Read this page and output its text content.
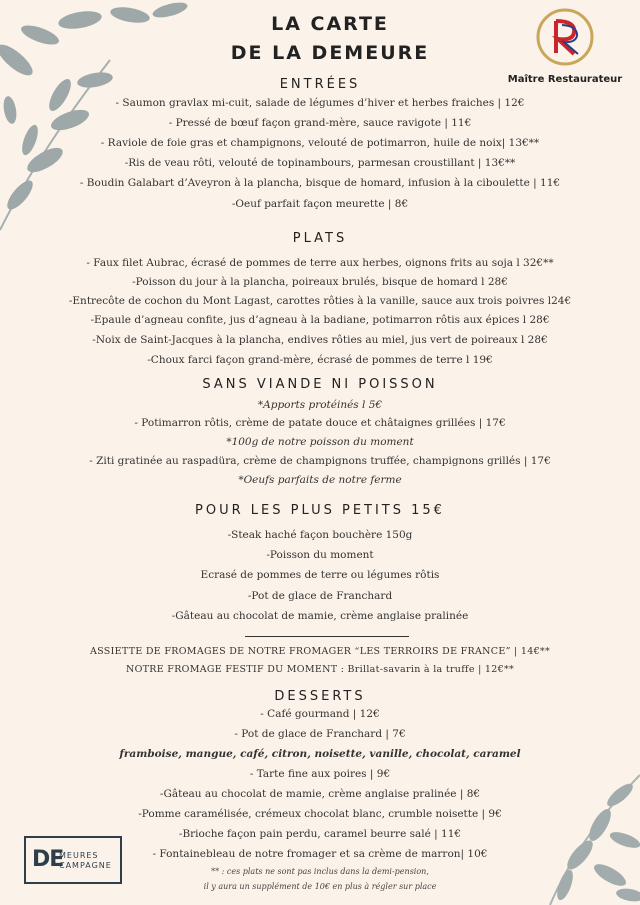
Maître Restaurateur
LA CARTE
DE LA DEMEURE
ENTRÉES
- Saumon gravlax mi-cuit, salade de légumes d’hiver et herbes fraiches | 12€
- Pressé de bœuf façon grand-mère, sauce ravigote | 11€
- Raviole de foie gras et champignons, velouté de potimarron, huile de noix| 13€**
-Ris de veau rôti, velouté de topinambours, parmesan croustillant | 13€**
- Boudin Galabart d’Aveyron à la plancha, bisque de homard, infusion à la ciboulette | 11€
-Oeuf parfait façon meurette | 8€
PLATS
- Faux filet Aubrac, écrasé de pommes de terre aux herbes, oignons frits au soja l 32€**
-Poisson du jour à la plancha, poireaux brulés, bisque de homard l 28€
-Entrecôte de cochon du Mont Lagast, carottes rôties à la vanille, sauce aux trois poivres l24€
-Epaule d’agneau confite, jus d’agneau à la badiane, potimarron rôtis aux épices l 28€
-Noix de Saint-Jacques à la plancha, endives rôties au miel, jus vert de poireaux l 28€
-Choux farci façon grand-mère, écrasé de pommes de terre l 19€
SANS VIANDE NI POISSON
*Apports protéinés l 5€
- Potimarron rôtis, crème de patate douce et châtaignes grillées | 17€
*100g de notre poisson du moment
- Ziti gratinée au raspadüra, crème de champignons truffée, champignons grillés | 17€
*Oeufs parfaits de notre ferme
POUR LES PLUS PETITS 15€
-Steak haché façon bouchère 150g
-Poisson du moment
Ecrasé de pommes de terre ou légumes rôtis
-Pot de glace de Franchard
-Gâteau au chocolat de mamie, crème anglaise pralinée
ASSIETTE DE FROMAGES DE NOTRE FROMAGER “LES TERROIRS DE FRANCE” | 14€**
NOTRE FROMAGE FESTIF DU MOMENT : Brillat-savarin à la truffe | 12€**
DESSERTS
- Café gourmand | 12€
- Pot de glace de Franchard | 7€
framboise, mangue, café, citron, noisette, vanille, chocolat, caramel
- Tarte fine aux poires | 9€
-Gâteau au chocolat de mamie, crème anglaise pralinée | 8€
-Pomme caramélisée, crémeux chocolat blanc, crumble noisette | 9€
-Brioche façon pain perdu, caramel beurre salé | 11€
- Fontainebleau de notre fromager et sa crème de marron| 10€
** : ces plats ne sont pas inclus dans la demi-pension,
il y aura un supplément de 10€ en plus à régler sur place
DE
MEURES
CAMPAGNE
